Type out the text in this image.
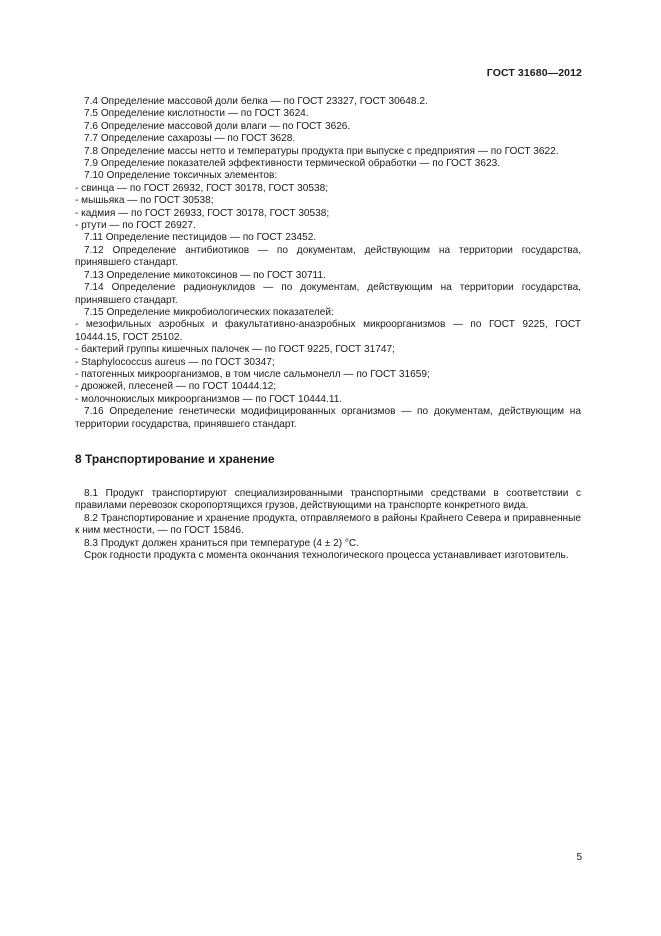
ГОСТ 31680—2012
7.4 Определение массовой доли белка — по ГОСТ 23327, ГОСТ 30648.2.
7.5 Определение кислотности — по ГОСТ 3624.
7.6 Определение массовой доли влаги — по ГОСТ 3626.
7.7 Определение сахарозы — по ГОСТ 3628.
7.8 Определение массы нетто и температуры продукта при выпуске с предприятия — по ГОСТ 3622.
7.9 Определение показателей эффективности термической обработки — по ГОСТ 3623.
7.10 Определение токсичных элементов:
- свинца — по ГОСТ 26932, ГОСТ 30178, ГОСТ 30538;
- мышьяка — по ГОСТ 30538;
- кадмия — по ГОСТ 26933, ГОСТ 30178, ГОСТ 30538;
- ртути — по ГОСТ 26927.
7.11 Определение пестицидов — по ГОСТ 23452.
7.12 Определение антибиотиков — по документам, действующим на территории государства, принявшего стандарт.
7.13 Определение микотоксинов — по ГОСТ 30711.
7.14 Определение радионуклидов — по документам, действующим на территории государства, принявшего стандарт.
7.15 Определение микробиологических показателей:
- мезофильных аэробных и факультативно-анаэробных микроорганизмов — по ГОСТ 9225, ГОСТ 10444.15, ГОСТ 25102.
- бактерий группы кишечных палочек — по ГОСТ 9225, ГОСТ 31747;
- Staphylococcus aureus — по ГОСТ 30347;
- патогенных микроорганизмов, в том числе сальмонелл — по ГОСТ 31659;
- дрожжей, плесеней — по ГОСТ 10444.12;
- молочнокислых микроорганизмов — по ГОСТ 10444.11.
7.16 Определение генетически модифицированных организмов — по документам, действующим на территории государства, принявшего стандарт.
8 Транспортирование и хранение
8.1 Продукт транспортируют специализированными транспортными средствами в соответствии с правилами перевозок скоропортящихся грузов, действующими на транспорте конкретного вида.
8.2 Транспортирование и хранение продукта, отправляемого в районы Крайнего Севера и приравненные к ним местности, — по ГОСТ 15846.
8.3 Продукт должен храниться при температуре (4 ± 2) °С.
Срок годности продукта с момента окончания технологического процесса устанавливает изготовитель.
5
